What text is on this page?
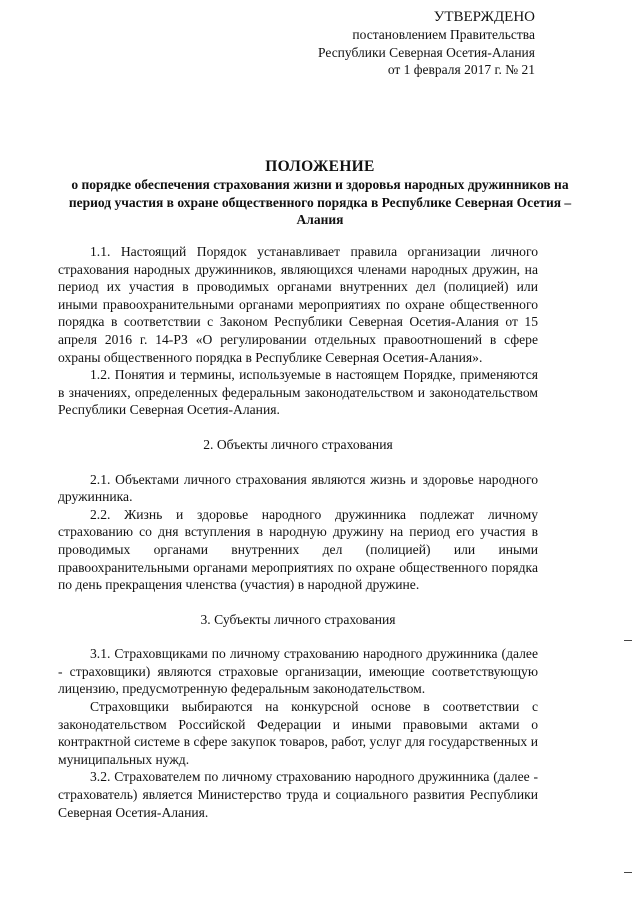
УТВЕРЖДЕНО
постановлением Правительства
Республики Северная Осетия-Алания
от 1 февраля 2017 г. № 21
ПОЛОЖЕНИЕ
о порядке обеспечения страхования жизни и здоровья народных дружинников на период участия в охране общественного порядка в Республике Северная Осетия – Алания

1.1. Настоящий Порядок устанавливает правила организации личного страхования народных дружинников, являющихся членами народных дружин, на период их участия в проводимых органами внутренних дел (полицией) или иными правоохранительными органами мероприятиях по охране общественного порядка в соответствии с Законом Республики Северная Осетия-Алания от 15 апреля 2016 г. 14-РЗ «О регулировании отдельных правоотношений в сфере охраны общественного порядка в Республике Северная Осетия-Алания».

1.2. Понятия и термины, используемые в настоящем Порядке, применяются в значениях, определенных федеральным законодательством и законодательством Республики Северная Осетия-Алания.

2. Объекты личного страхования

2.1. Объектами личного страхования являются жизнь и здоровье народного дружинника.

2.2. Жизнь и здоровье народного дружинника подлежат личному страхованию со дня вступления в народную дружину на период его участия в проводимых органами внутренних дел (полицией) или иными правоохранительными органами мероприятиях по охране общественного порядка по день прекращения членства (участия) в народной дружине.

3. Субъекты личного страхования

3.1. Страховщиками по личному страхованию народного дружинника (далее - страховщики) являются страховые организации, имеющие соответствующую лицензию, предусмотренную федеральным законодательством.

Страховщики выбираются на конкурсной основе в соответствии с законодательством Российской Федерации и иными правовыми актами о контрактной системе в сфере закупок товаров, работ, услуг для государственных и муниципальных нужд.

3.2. Страхователем по личному страхованию народного дружинника (далее - страхователь) является Министерство труда и социального развития Республики Северная Осетия-Алания.
